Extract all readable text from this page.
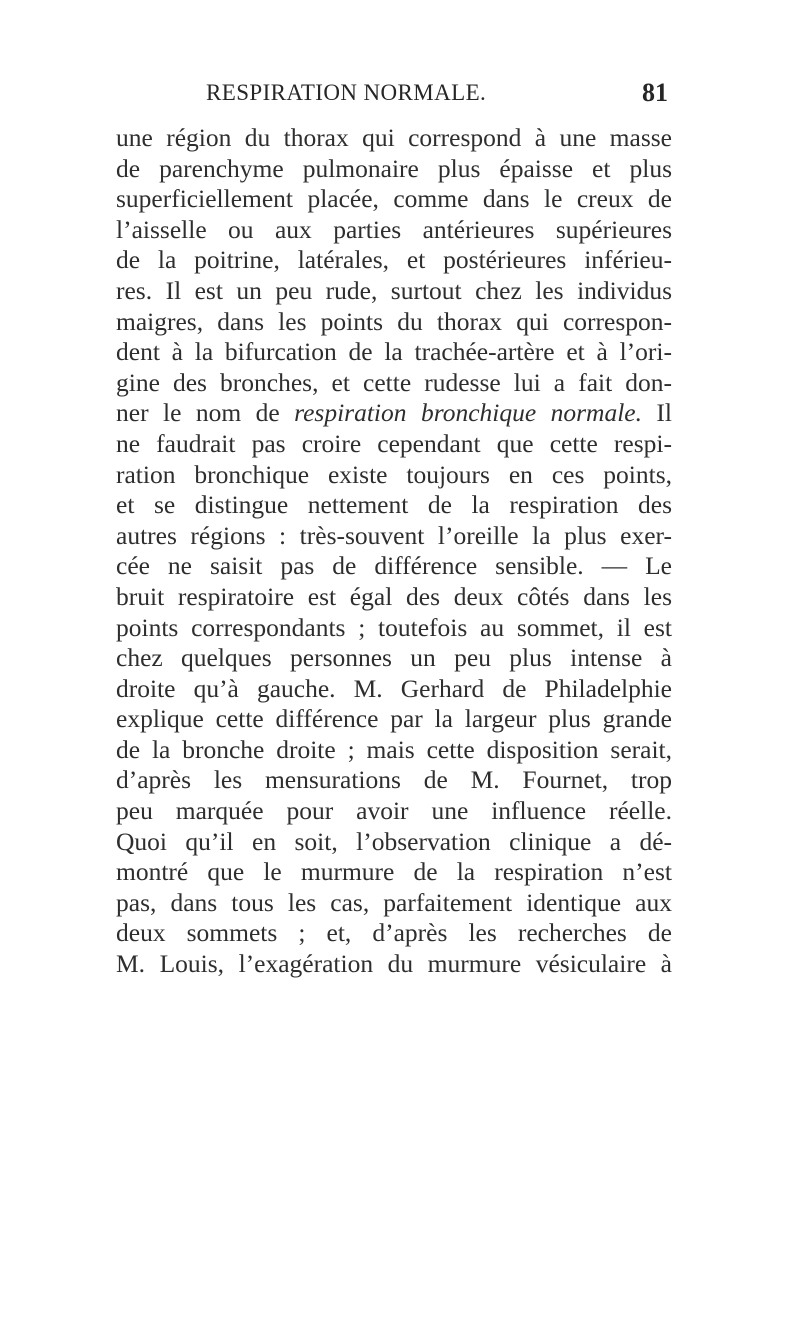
RESPIRATION NORMALE.	81
une région du thorax qui correspond à une masse
de parenchyme pulmonaire plus épaisse et plus
superficiellement placée, comme dans le creux de
l’aisselle ou aux parties antérieures supérieures
de la poitrine, latérales, et postérieures inférieu-
res. Il est un peu rude, surtout chez les individus
maigres, dans les points du thorax qui correspon-
dent à la bifurcation de la trachée-artère et à l’ori-
gine des bronches, et cette rudesse lui a fait don-
ner le nom de respiration bronchique normale. Il
ne faudrait pas croire cependant que cette respi-
ration bronchique existe toujours en ces points,
et se distingue nettement de la respiration des
autres régions : très-souvent l’oreille la plus exer-
cée ne saisit pas de différence sensible. — Le
bruit respiratoire est égal des deux côtés dans les
points correspondants ; toutefois au sommet, il est
chez quelques personnes un peu plus intense à
droite qu’à gauche. M. Gerhard de Philadelphie
explique cette différence par la largeur plus grande
de la bronche droite ; mais cette disposition serait,
d’après les mensurations de M. Fournet, trop
peu marquée pour avoir une influence réelle.
Quoi qu’il en soit, l’observation clinique a dé-
montré que le murmure de la respiration n’est
pas, dans tous les cas, parfaitement identique aux
deux sommets ; et, d’après les recherches de
M. Louis, l’exagération du murmure vésiculaire à
